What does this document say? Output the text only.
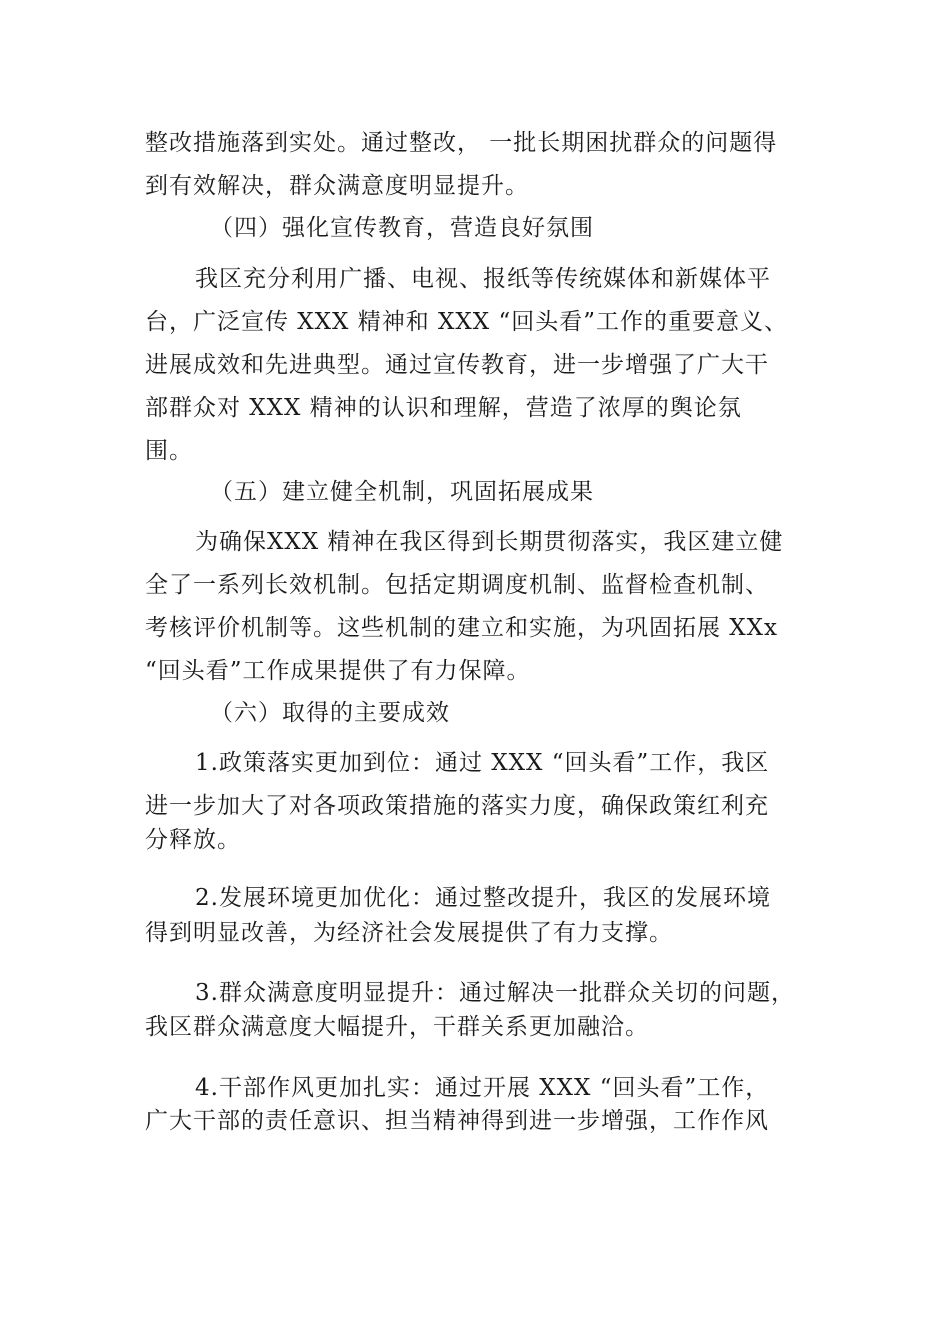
整改措施落到实处。通过整改， 一批长期困扰群众的问题得
到有效解决，群众满意度明显提升。
（四）强化宣传教育，营造良好氛围
我区充分利用广播、电视、报纸等传统媒体和新媒体平
台，广泛宣传 XXX 精神和 XXX “回头看”工作的重要意义、
进展成效和先进典型。通过宣传教育，进一步增强了广大干
部群众对 XXX 精神的认识和理解，营造了浓厚的舆论氛
围。
（五）建立健全机制，巩固拓展成果
为确保XXX 精神在我区得到长期贯彻落实，我区建立健
全了一系列长效机制。包括定期调度机制、监督检查机制、
考核评价机制等。这些机制的建立和实施，为巩固拓展 XXx
“回头看”工作成果提供了有力保障。
（六）取得的主要成效
1.政策落实更加到位：通过 XXX “回头看”工作，我区
进一步加大了对各项政策措施的落实力度，确保政策红利充
分释放。
2.发展环境更加优化：通过整改提升，我区的发展环境
得到明显改善，为经济社会发展提供了有力支撑。
3.群众满意度明显提升：通过解决一批群众关切的问题，
我区群众满意度大幅提升，干群关系更加融洽。
4.干部作风更加扎实：通过开展 XXX “回头看”工作，
广大干部的责任意识、担当精神得到进一步增强，工作作风
